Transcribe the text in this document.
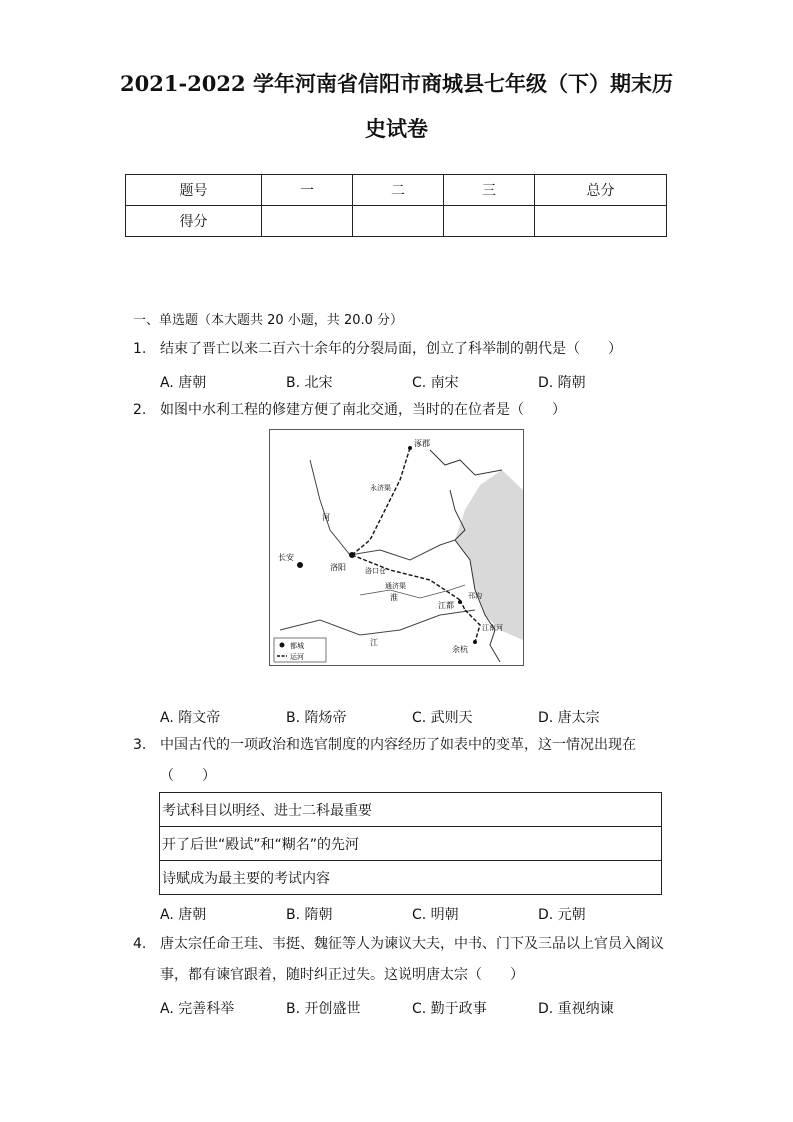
2021-2022 学年河南省信阳市商城县七年级（下）期末历
史试卷
题号	一	二	三	总分
得分				
一、单选题（本大题共 20 小题，共 20.0 分）
1. 结束了晋亡以来二百六十余年的分裂局面，创立了科举制的朝代是（　　）
A. 唐朝	B. 北宋	C. 南宋	D. 隋朝
2. 如图中水利工程的修建方便了南北交通，当时的在位者是（　　）
涿郡
长安
洛阳	洛口仓
江都
余杭
河
淮
江
永济渠
通济渠
邗沟
江南河
都城
运河
A. 隋文帝	B. 隋炀帝	C. 武则天	D. 唐太宗
3. 中国古代的一项政治和选官制度的内容经历了如表中的变革，这一情况出现在
（　　）
考试科目以明经、进士二科最重要
开了后世“殿试”和“糊名”的先河
诗赋成为最主要的考试内容
A. 唐朝	B. 隋朝	C. 明朝	D. 元朝
4. 唐太宗任命王珪、韦挺、魏征等人为谏议大夫，中书、门下及三品以上官员入阁议
事，都有谏官跟着，随时纠正过失。这说明唐太宗（　　）
A. 完善科举	B. 开创盛世	C. 勤于政事	D. 重视纳谏
